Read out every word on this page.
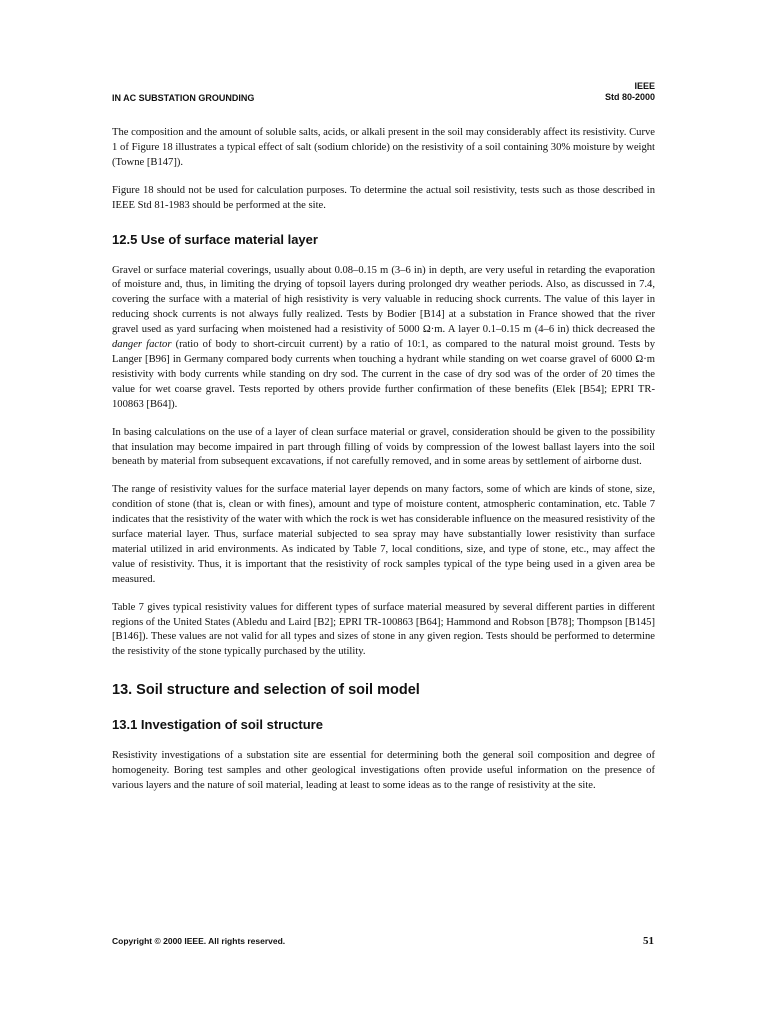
IEEE
Std 80-2000
IN AC SUBSTATION GROUNDING

The composition and the amount of soluble salts, acids, or alkali present in the soil may considerably affect its resistivity. Curve 1 of Figure 18 illustrates a typical effect of salt (sodium chloride) on the resistivity of a soil containing 30% moisture by weight (Towne [B147]).

Figure 18 should not be used for calculation purposes. To determine the actual soil resistivity, tests such as those described in IEEE Std 81-1983 should be performed at the site.

12.5 Use of surface material layer

Gravel or surface material coverings, usually about 0.08–0.15 m (3–6 in) in depth, are very useful in retarding the evaporation of moisture and, thus, in limiting the drying of topsoil layers during prolonged dry weather periods. Also, as discussed in 7.4, covering the surface with a material of high resistivity is very valuable in reducing shock currents. The value of this layer in reducing shock currents is not always fully realized. Tests by Bodier [B14] at a substation in France showed that the river gravel used as yard surfacing when moistened had a resistivity of 5000 Ω·m. A layer 0.1–0.15 m (4–6 in) thick decreased the danger factor (ratio of body to short-circuit current) by a ratio of 10:1, as compared to the natural moist ground. Tests by Langer [B96] in Germany compared body currents when touching a hydrant while standing on wet coarse gravel of 6000 Ω·m resistivity with body currents while standing on dry sod. The current in the case of dry sod was of the order of 20 times the value for wet coarse gravel. Tests reported by others provide further confirmation of these benefits (Elek [B54]; EPRI TR-100863 [B64]).

In basing calculations on the use of a layer of clean surface material or gravel, consideration should be given to the possibility that insulation may become impaired in part through filling of voids by compression of the lowest ballast layers into the soil beneath by material from subsequent excavations, if not carefully removed, and in some areas by settlement of airborne dust.

The range of resistivity values for the surface material layer depends on many factors, some of which are kinds of stone, size, condition of stone (that is, clean or with fines), amount and type of moisture content, atmospheric contamination, etc. Table 7 indicates that the resistivity of the water with which the rock is wet has considerable influence on the measured resistivity of the surface material layer. Thus, surface material subjected to sea spray may have substantially lower resistivity than surface material utilized in arid environments. As indicated by Table 7, local conditions, size, and type of stone, etc., may affect the value of resistivity. Thus, it is important that the resistivity of rock samples typical of the type being used in a given area be measured.

Table 7 gives typical resistivity values for different types of surface material measured by several different parties in different regions of the United States (Abledu and Laird [B2]; EPRI TR-100863 [B64]; Hammond and Robson [B78]; Thompson [B145][B146]). These values are not valid for all types and sizes of stone in any given region. Tests should be performed to determine the resistivity of the stone typically purchased by the utility.

13. Soil structure and selection of soil model
13.1 Investigation of soil structure

Resistivity investigations of a substation site are essential for determining both the general soil composition and degree of homogeneity. Boring test samples and other geological investigations often provide useful information on the presence of various layers and the nature of soil material, leading at least to some ideas as to the range of resistivity at the site.

Copyright © 2000 IEEE. All rights reserved.	51
